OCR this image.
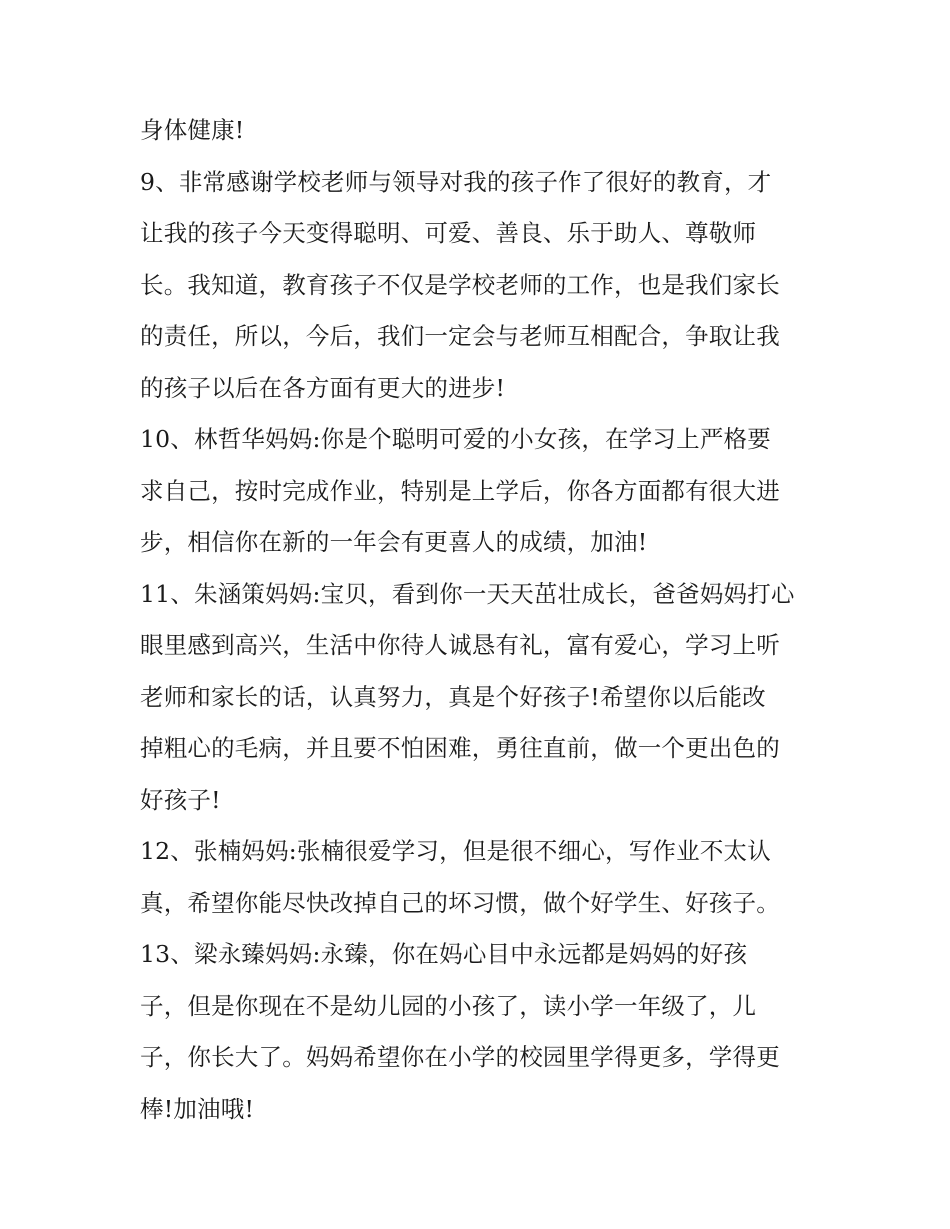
身体健康!
9、非常感谢学校老师与领导对我的孩子作了很好的教育，才
让我的孩子今天变得聪明、可爱、善良、乐于助人、尊敬师
长。我知道，教育孩子不仅是学校老师的工作，也是我们家长
的责任，所以，今后，我们一定会与老师互相配合，争取让我
的孩子以后在各方面有更大的进步!
10、林哲华妈妈:你是个聪明可爱的小女孩，在学习上严格要
求自己，按时完成作业，特别是上学后，你各方面都有很大进
步，相信你在新的一年会有更喜人的成绩，加油!
11、朱涵策妈妈:宝贝，看到你一天天茁壮成长，爸爸妈妈打心
眼里感到高兴，生活中你待人诚恳有礼，富有爱心，学习上听
老师和家长的话，认真努力，真是个好孩子!希望你以后能改
掉粗心的毛病，并且要不怕困难，勇往直前，做一个更出色的
好孩子!
12、张楠妈妈:张楠很爱学习，但是很不细心，写作业不太认
真，希望你能尽快改掉自己的坏习惯，做个好学生、好孩子。
13、梁永臻妈妈:永臻，你在妈心目中永远都是妈妈的好孩
子，但是你现在不是幼儿园的小孩了，读小学一年级了，儿
子，你长大了。妈妈希望你在小学的校园里学得更多，学得更
棒!加油哦!
